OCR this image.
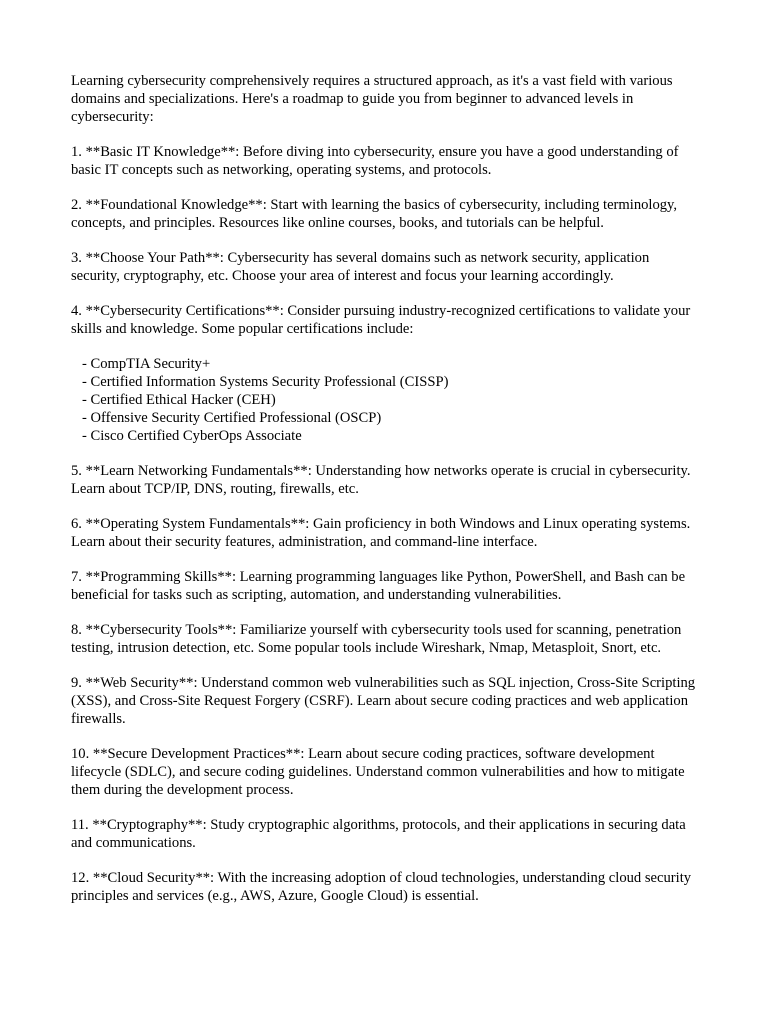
Learning cybersecurity comprehensively requires a structured approach, as it's a vast field with various domains and specializations. Here's a roadmap to guide you from beginner to advanced levels in cybersecurity:

1. **Basic IT Knowledge**: Before diving into cybersecurity, ensure you have a good understanding of basic IT concepts such as networking, operating systems, and protocols.

2. **Foundational Knowledge**: Start with learning the basics of cybersecurity, including terminology, concepts, and principles. Resources like online courses, books, and tutorials can be helpful.

3. **Choose Your Path**: Cybersecurity has several domains such as network security, application security, cryptography, etc. Choose your area of interest and focus your learning accordingly.

4. **Cybersecurity Certifications**: Consider pursuing industry-recognized certifications to validate your skills and knowledge. Some popular certifications include:

- CompTIA Security+
- Certified Information Systems Security Professional (CISSP)
- Certified Ethical Hacker (CEH)
- Offensive Security Certified Professional (OSCP)
- Cisco Certified CyberOps Associate

5. **Learn Networking Fundamentals**: Understanding how networks operate is crucial in cybersecurity. Learn about TCP/IP, DNS, routing, firewalls, etc.

6. **Operating System Fundamentals**: Gain proficiency in both Windows and Linux operating systems. Learn about their security features, administration, and command-line interface.

7. **Programming Skills**: Learning programming languages like Python, PowerShell, and Bash can be beneficial for tasks such as scripting, automation, and understanding vulnerabilities.

8. **Cybersecurity Tools**: Familiarize yourself with cybersecurity tools used for scanning, penetration testing, intrusion detection, etc. Some popular tools include Wireshark, Nmap, Metasploit, Snort, etc.

9. **Web Security**: Understand common web vulnerabilities such as SQL injection, Cross-Site Scripting (XSS), and Cross-Site Request Forgery (CSRF). Learn about secure coding practices and web application firewalls.

10. **Secure Development Practices**: Learn about secure coding practices, software development lifecycle (SDLC), and secure coding guidelines. Understand common vulnerabilities and how to mitigate them during the development process.

11. **Cryptography**: Study cryptographic algorithms, protocols, and their applications in securing data and communications.

12. **Cloud Security**: With the increasing adoption of cloud technologies, understanding cloud security principles and services (e.g., AWS, Azure, Google Cloud) is essential.
